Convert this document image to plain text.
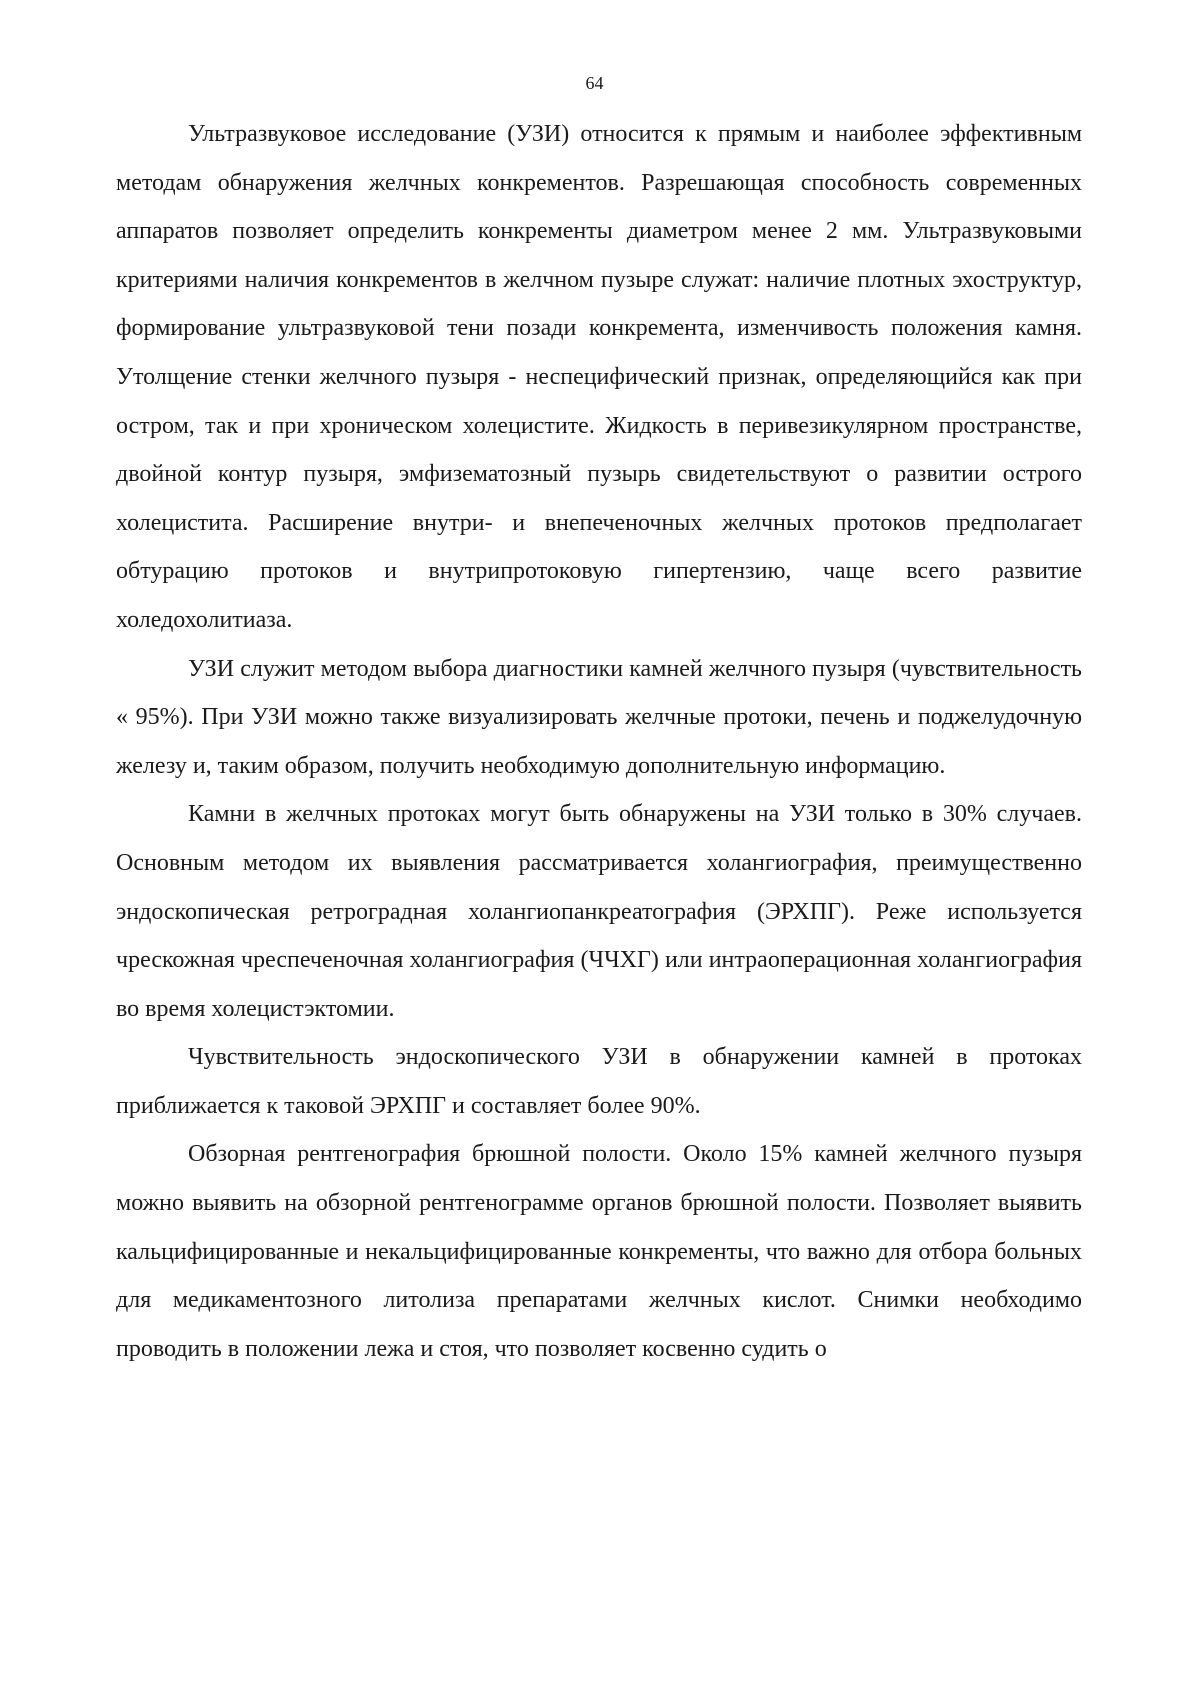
64

Ультразвуковое исследование (УЗИ) относится к прямым и наиболее эффективным методам обнаружения желчных конкрементов. Разрешающая способность современных аппаратов позволяет определить конкременты диаметром менее 2 мм. Ультразвуковыми критериями наличия конкрементов в желчном пузыре служат: наличие плотных эхоструктур, формирование ультразвуковой тени позади конкремента, изменчивость положения камня. Утолщение стенки желчного пузыря - неспецифический признак, определяющийся как при остром, так и при хроническом холецистите. Жидкость в перивезикулярном пространстве, двойной контур пузыря, эмфизематозный пузырь свидетельствуют о развитии острого холецистита. Расширение внутри- и внепеченочных желчных протоков предполагает обтурацию протоков и внутрипротоковую гипертензию, чаще всего развитие холедохолитиаза.

УЗИ служит методом выбора диагностики камней желчного пузыря (чувствительность « 95%). При УЗИ можно также визуализировать желчные протоки, печень и поджелудочную железу и, таким образом, получить необходимую дополнительную информацию.

Камни в желчных протоках могут быть обнаружены на УЗИ только в 30% случаев. Основным методом их выявления рассматривается холангиография, преимущественно эндоскопическая ретроградная холангиопанкреатография (ЭРХПГ). Реже используется чрескожная чреспеченочная холангиография (ЧЧХГ) или интраоперационная холангиография во время холецистэктомии.

Чувствительность эндоскопического УЗИ в обнаружении камней в протоках приближается к таковой ЭРХПГ и составляет более 90%.

Обзорная рентгенография брюшной полости. Около 15% камней желчного пузыря можно выявить на обзорной рентгенограмме органов брюшной полости. Позволяет выявить кальцифицированные и некальцифицированные конкременты, что важно для отбора больных для медикаментозного литолиза препаратами желчных кислот. Снимки необходимо проводить в положении лежа и стоя, что позволяет косвенно судить о
